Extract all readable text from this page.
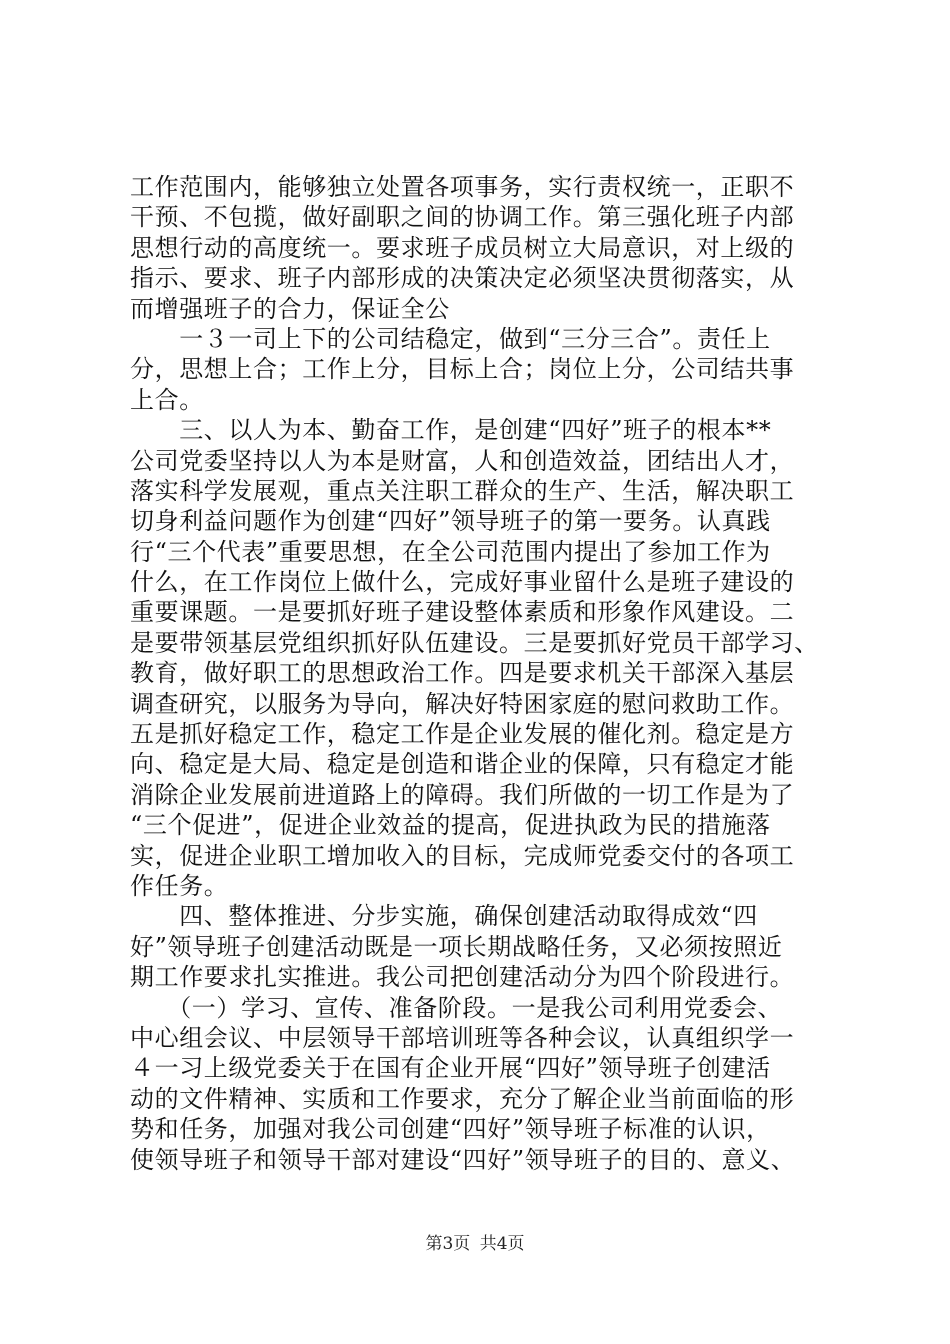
工作范围内，能够独立处置各项事务，实行责权统一，正职不
干预、不包揽，做好副职之间的协调工作。第三强化班子内部
思想行动的高度统一。要求班子成员树立大局意识，对上级的
指示、要求、班子内部形成的决策决定必须坚决贯彻落实，从
而增强班子的合力，保证全公
　　一３一司上下的公司结稳定，做到“三分三合”。责任上
分，思想上合；工作上分，目标上合；岗位上分，公司结共事
上合。
　　三、以人为本、勤奋工作，是创建“四好”班子的根本**
公司党委坚持以人为本是财富，人和创造效益，团结出人才，
落实科学发展观，重点关注职工群众的生产、生活，解决职工
切身利益问题作为创建“四好”领导班子的第一要务。认真践
行“三个代表”重要思想，在全公司范围内提出了参加工作为
什么，在工作岗位上做什么，完成好事业留什么是班子建设的
重要课题。一是要抓好班子建设整体素质和形象作风建设。二
是要带领基层党组织抓好队伍建设。三是要抓好党员干部学习、
教育，做好职工的思想政治工作。四是要求机关干部深入基层
调查研究，以服务为导向，解决好特困家庭的慰问救助工作。
五是抓好稳定工作，稳定工作是企业发展的催化剂。稳定是方
向、稳定是大局、稳定是创造和谐企业的保障，只有稳定才能
消除企业发展前进道路上的障碍。我们所做的一切工作是为了
“三个促进”，促进企业效益的提高，促进执政为民的措施落
实，促进企业职工增加收入的目标，完成师党委交付的各项工
作任务。
　　四、整体推进、分步实施，确保创建活动取得成效“四
好”领导班子创建活动既是一项长期战略任务，又必须按照近
期工作要求扎实推进。我公司把创建活动分为四个阶段进行。
　　（一）学习、宣传、准备阶段。一是我公司利用党委会、
中心组会议、中层领导干部培训班等各种会议，认真组织学一
４一习上级党委关于在国有企业开展“四好”领导班子创建活
动的文件精神、实质和工作要求，充分了解企业当前面临的形
势和任务，加强对我公司创建“四好”领导班子标准的认识，
使领导班子和领导干部对建设“四好”领导班子的目的、意义、
第3页 共4页
